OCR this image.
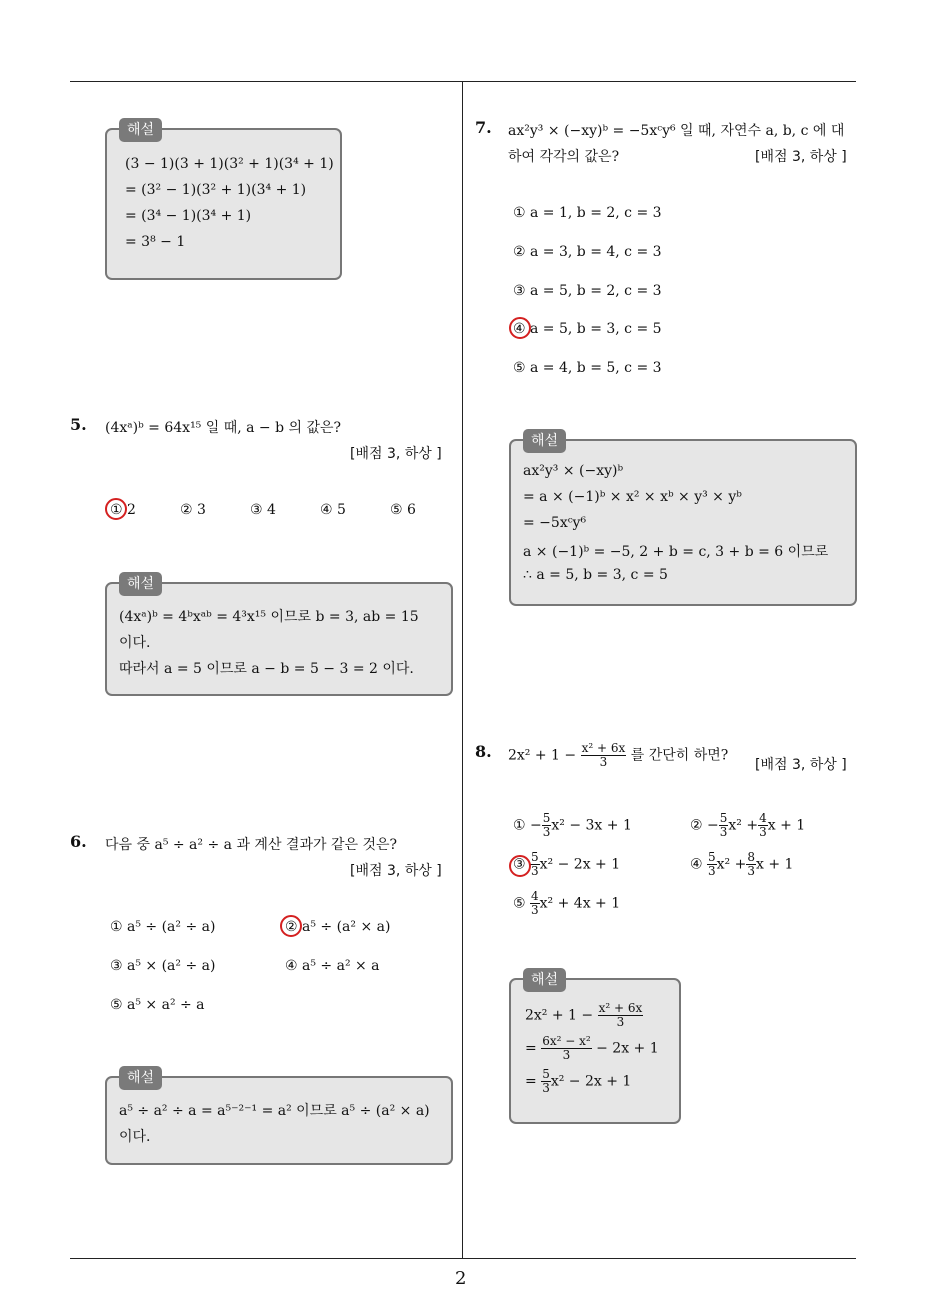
2
해설
(3 − 1)(3 + 1)(3² + 1)(3⁴ + 1)
= (3² − 1)(3² + 1)(3⁴ + 1)
= (3⁴ − 1)(3⁴ + 1)
= 3⁸ − 1
5. (4xᵃ)ᵇ = 64x¹⁵ 일 때, a − b 의 값은?
[배점 3, 하상 ]
① 2	② 3	③ 4	④ 5	⑤ 6
해설
(4xᵃ)ᵇ = 4ᵇxᵃᵇ = 4³x¹⁵ 이므로 b = 3, ab = 15
이다.
따라서 a = 5 이므로 a − b = 5 − 3 = 2 이다.
6. 다음 중 a⁵ ÷ a² ÷ a 과 계산 결과가 같은 것은?
[배점 3, 하상 ]
① a⁵ ÷ (a² ÷ a)	② a⁵ ÷ (a² × a)
③ a⁵ × (a² ÷ a)	④ a⁵ ÷ a² × a
⑤ a⁵ × a² ÷ a
해설
a⁵ ÷ a² ÷ a = a⁵⁻²⁻¹ = a² 이므로 a⁵ ÷ (a² × a)
이다.
7. ax²y³ × (−xy)ᵇ = −5xᶜy⁶ 일 때, 자연수 a, b, c 에 대
하여 각각의 값은?	[배점 3, 하상 ]
① a = 1, b = 2, c = 3
② a = 3, b = 4, c = 3
③ a = 5, b = 2, c = 3
④ a = 5, b = 3, c = 5
⑤ a = 4, b = 5, c = 3
해설
ax²y³ × (−xy)ᵇ
= a × (−1)ᵇ × x² × xᵇ × y³ × yᵇ
= −5xᶜy⁶
a × (−1)ᵇ = −5, 2 + b = c, 3 + b = 6 이므로
∴ a = 5, b = 3, c = 5
8. $2x^2 + 1 - \frac{\text{x² + 6x}}{3}$ 를 간단히 하면?
[배점 3, 하상 ]
① − $\frac{5}{3} x^2 - 3x + 1$	② − $\frac{5}{3} x^2 + \frac{4}{3}$ x + 1
③ $\frac{5}{3} x^2 - 2x + 1$	④ $\frac{5}{3} x^2 + \frac{8}{3}$ x + 1
⑤ $\frac{4}{3} x^2 + 4x + 1$
해설
$2x^2 + 1 - \frac{\text{x² + 6x}}{3}$
= $\frac{\text{6x² − x²}}{3} - 2x + 1$
= $\frac{5}{3} x^2 - 2x + 1$
